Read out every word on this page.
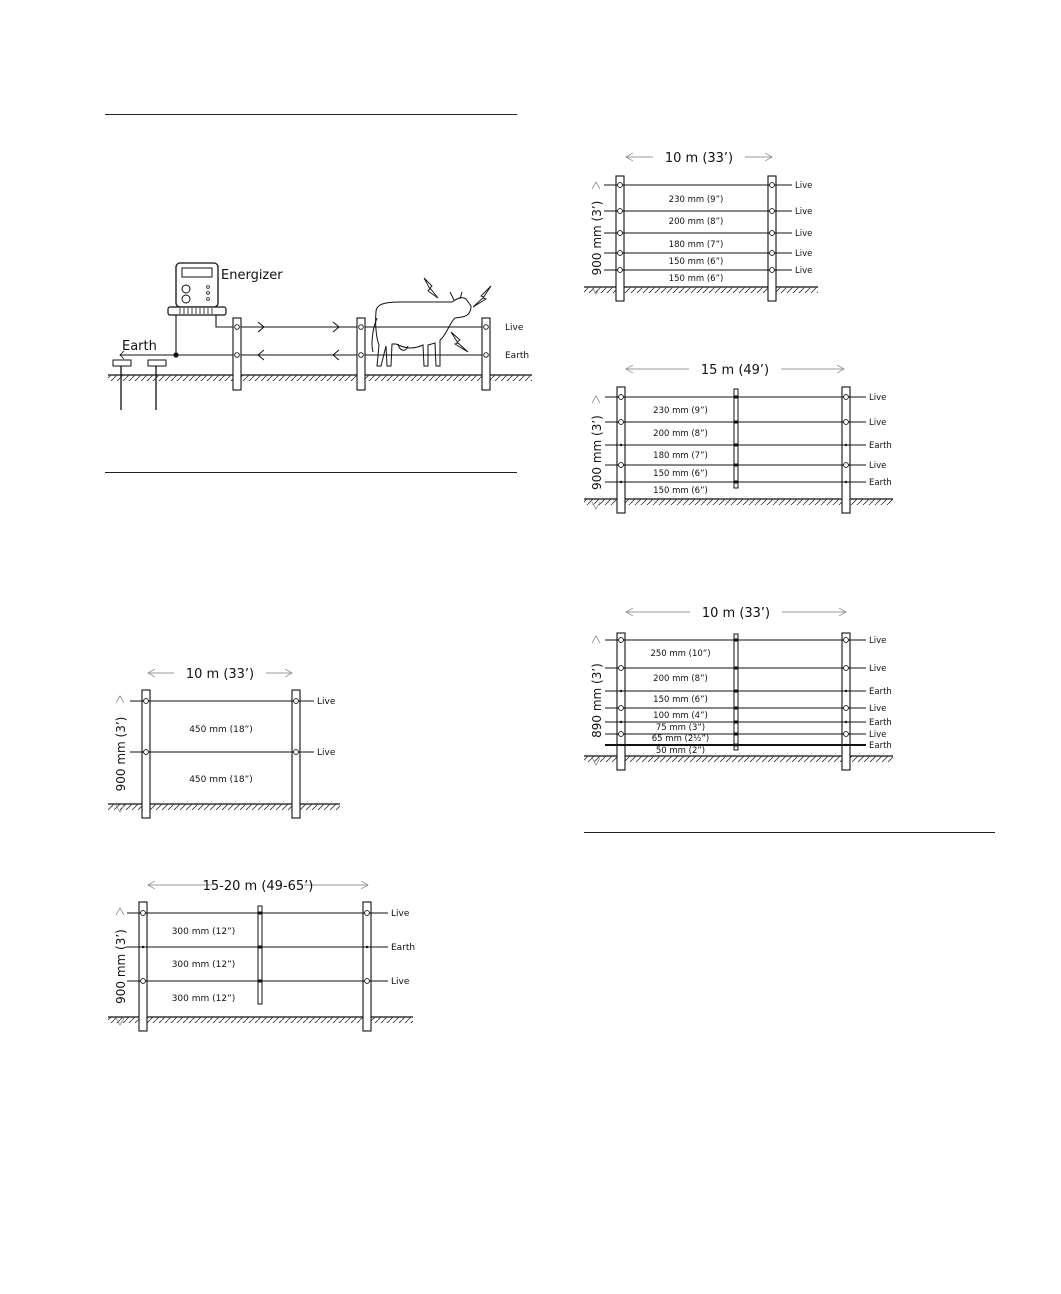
Energizer
Earth
Live
Earth
Live
Live
450 mm (18”)
450 mm (18”)
10 m (33’)
900 mm (3’)
Live
Earth
Live
300 mm (12”)
300 mm (12”)
300 mm (12”)
15-20 m (49-65’)
900 mm (3’)
Live
Live
Live
Live
Live
230 mm (9”)
200 mm (8”)
180 mm (7”)
150 mm (6”)
150 mm (6”)
10 m (33’)
900 mm (3’)
Live
Live
Earth
Live
Earth
230 mm (9”)
200 mm (8”)
180 mm (7”)
150 mm (6”)
150 mm (6”)
15 m (49’)
900 mm (3’)
Live
Live
Earth
Live
Earth
Live
Earth
250 mm (10”)
200 mm (8”)
150 mm (6”)
100 mm (4”)
75 mm (3”)
65 mm (2½”)
50 mm (2”)
10 m (33’)
890 mm (3’)
